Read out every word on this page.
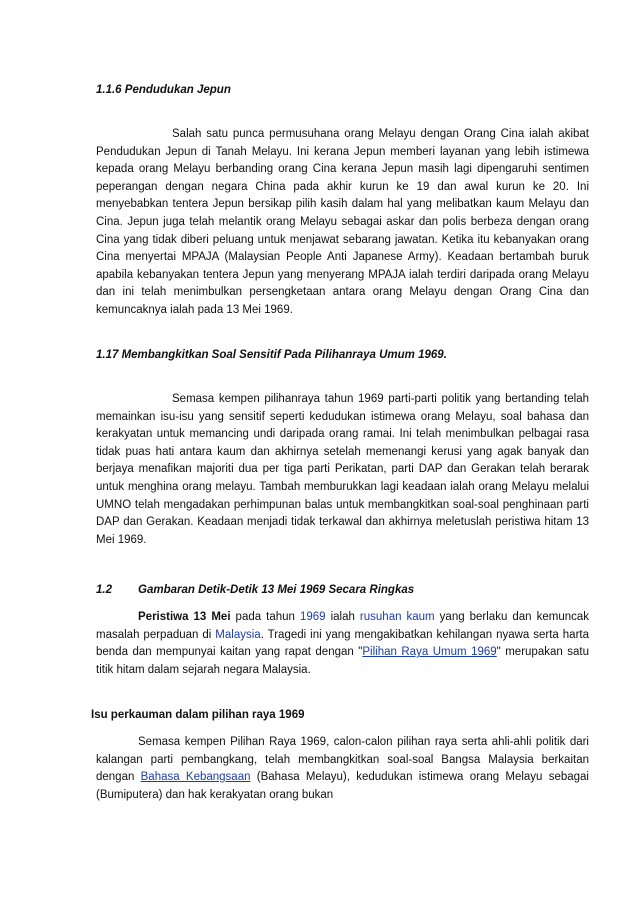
1.1.6 Pendudukan Jepun
Salah satu punca permusuhana orang Melayu dengan Orang Cina ialah akibat Pendudukan Jepun di Tanah Melayu. Ini kerana Jepun memberi layanan yang lebih istimewa kepada orang Melayu berbanding orang Cina kerana Jepun masih lagi dipengaruhi sentimen peperangan dengan negara China pada akhir kurun ke 19 dan awal kurun ke 20. Ini menyebabkan tentera Jepun bersikap pilih kasih dalam hal yang melibatkan kaum Melayu dan Cina. Jepun juga telah melantik orang Melayu sebagai askar dan polis berbeza dengan orang Cina yang tidak diberi peluang untuk menjawat sebarang jawatan. Ketika itu kebanyakan orang Cina menyertai MPAJA (Malaysian People Anti Japanese Army). Keadaan bertambah buruk apabila kebanyakan tentera Jepun yang menyerang MPAJA ialah terdiri daripada orang Melayu dan ini telah menimbulkan persengketaan antara orang Melayu dengan Orang Cina dan kemuncaknya ialah pada 13 Mei 1969.
1.17 Membangkitkan Soal Sensitif Pada Pilihanraya Umum 1969.
Semasa kempen pilihanraya tahun 1969 parti-parti politik yang bertanding telah memainkan isu-isu yang sensitif seperti kedudukan istimewa orang Melayu, soal bahasa dan kerakyatan untuk memancing undi daripada orang ramai. Ini telah menimbulkan pelbagai rasa tidak puas hati antara kaum dan akhirnya setelah memenangi kerusi yang agak banyak dan berjaya menafikan majoriti dua per tiga parti Perikatan, parti DAP dan Gerakan telah berarak untuk menghina orang melayu. Tambah memburukkan lagi keadaan ialah orang Melayu melalui UMNO telah mengadakan perhimpunan balas untuk membangkitkan soal-soal penghinaan parti DAP dan Gerakan. Keadaan menjadi tidak terkawal dan akhirnya meletuslah peristiwa hitam 13 Mei 1969.
1.2 Gambaran Detik-Detik 13 Mei 1969 Secara Ringkas
Peristiwa 13 Mei pada tahun 1969 ialah rusuhan kaum yang berlaku dan kemuncak masalah perpaduan di Malaysia. Tragedi ini yang mengakibatkan kehilangan nyawa serta harta benda dan mempunyai kaitan yang rapat dengan "Pilihan Raya Umum 1969" merupakan satu titik hitam dalam sejarah negara Malaysia.
Isu perkauman dalam pilihan raya 1969
Semasa kempen Pilihan Raya 1969, calon-calon pilihan raya serta ahli-ahli politik dari kalangan parti pembangkang, telah membangkitkan soal-soal Bangsa Malaysia berkaitan dengan Bahasa Kebangsaan (Bahasa Melayu), kedudukan istimewa orang Melayu sebagai (Bumiputera) dan hak kerakyatan orang bukan
